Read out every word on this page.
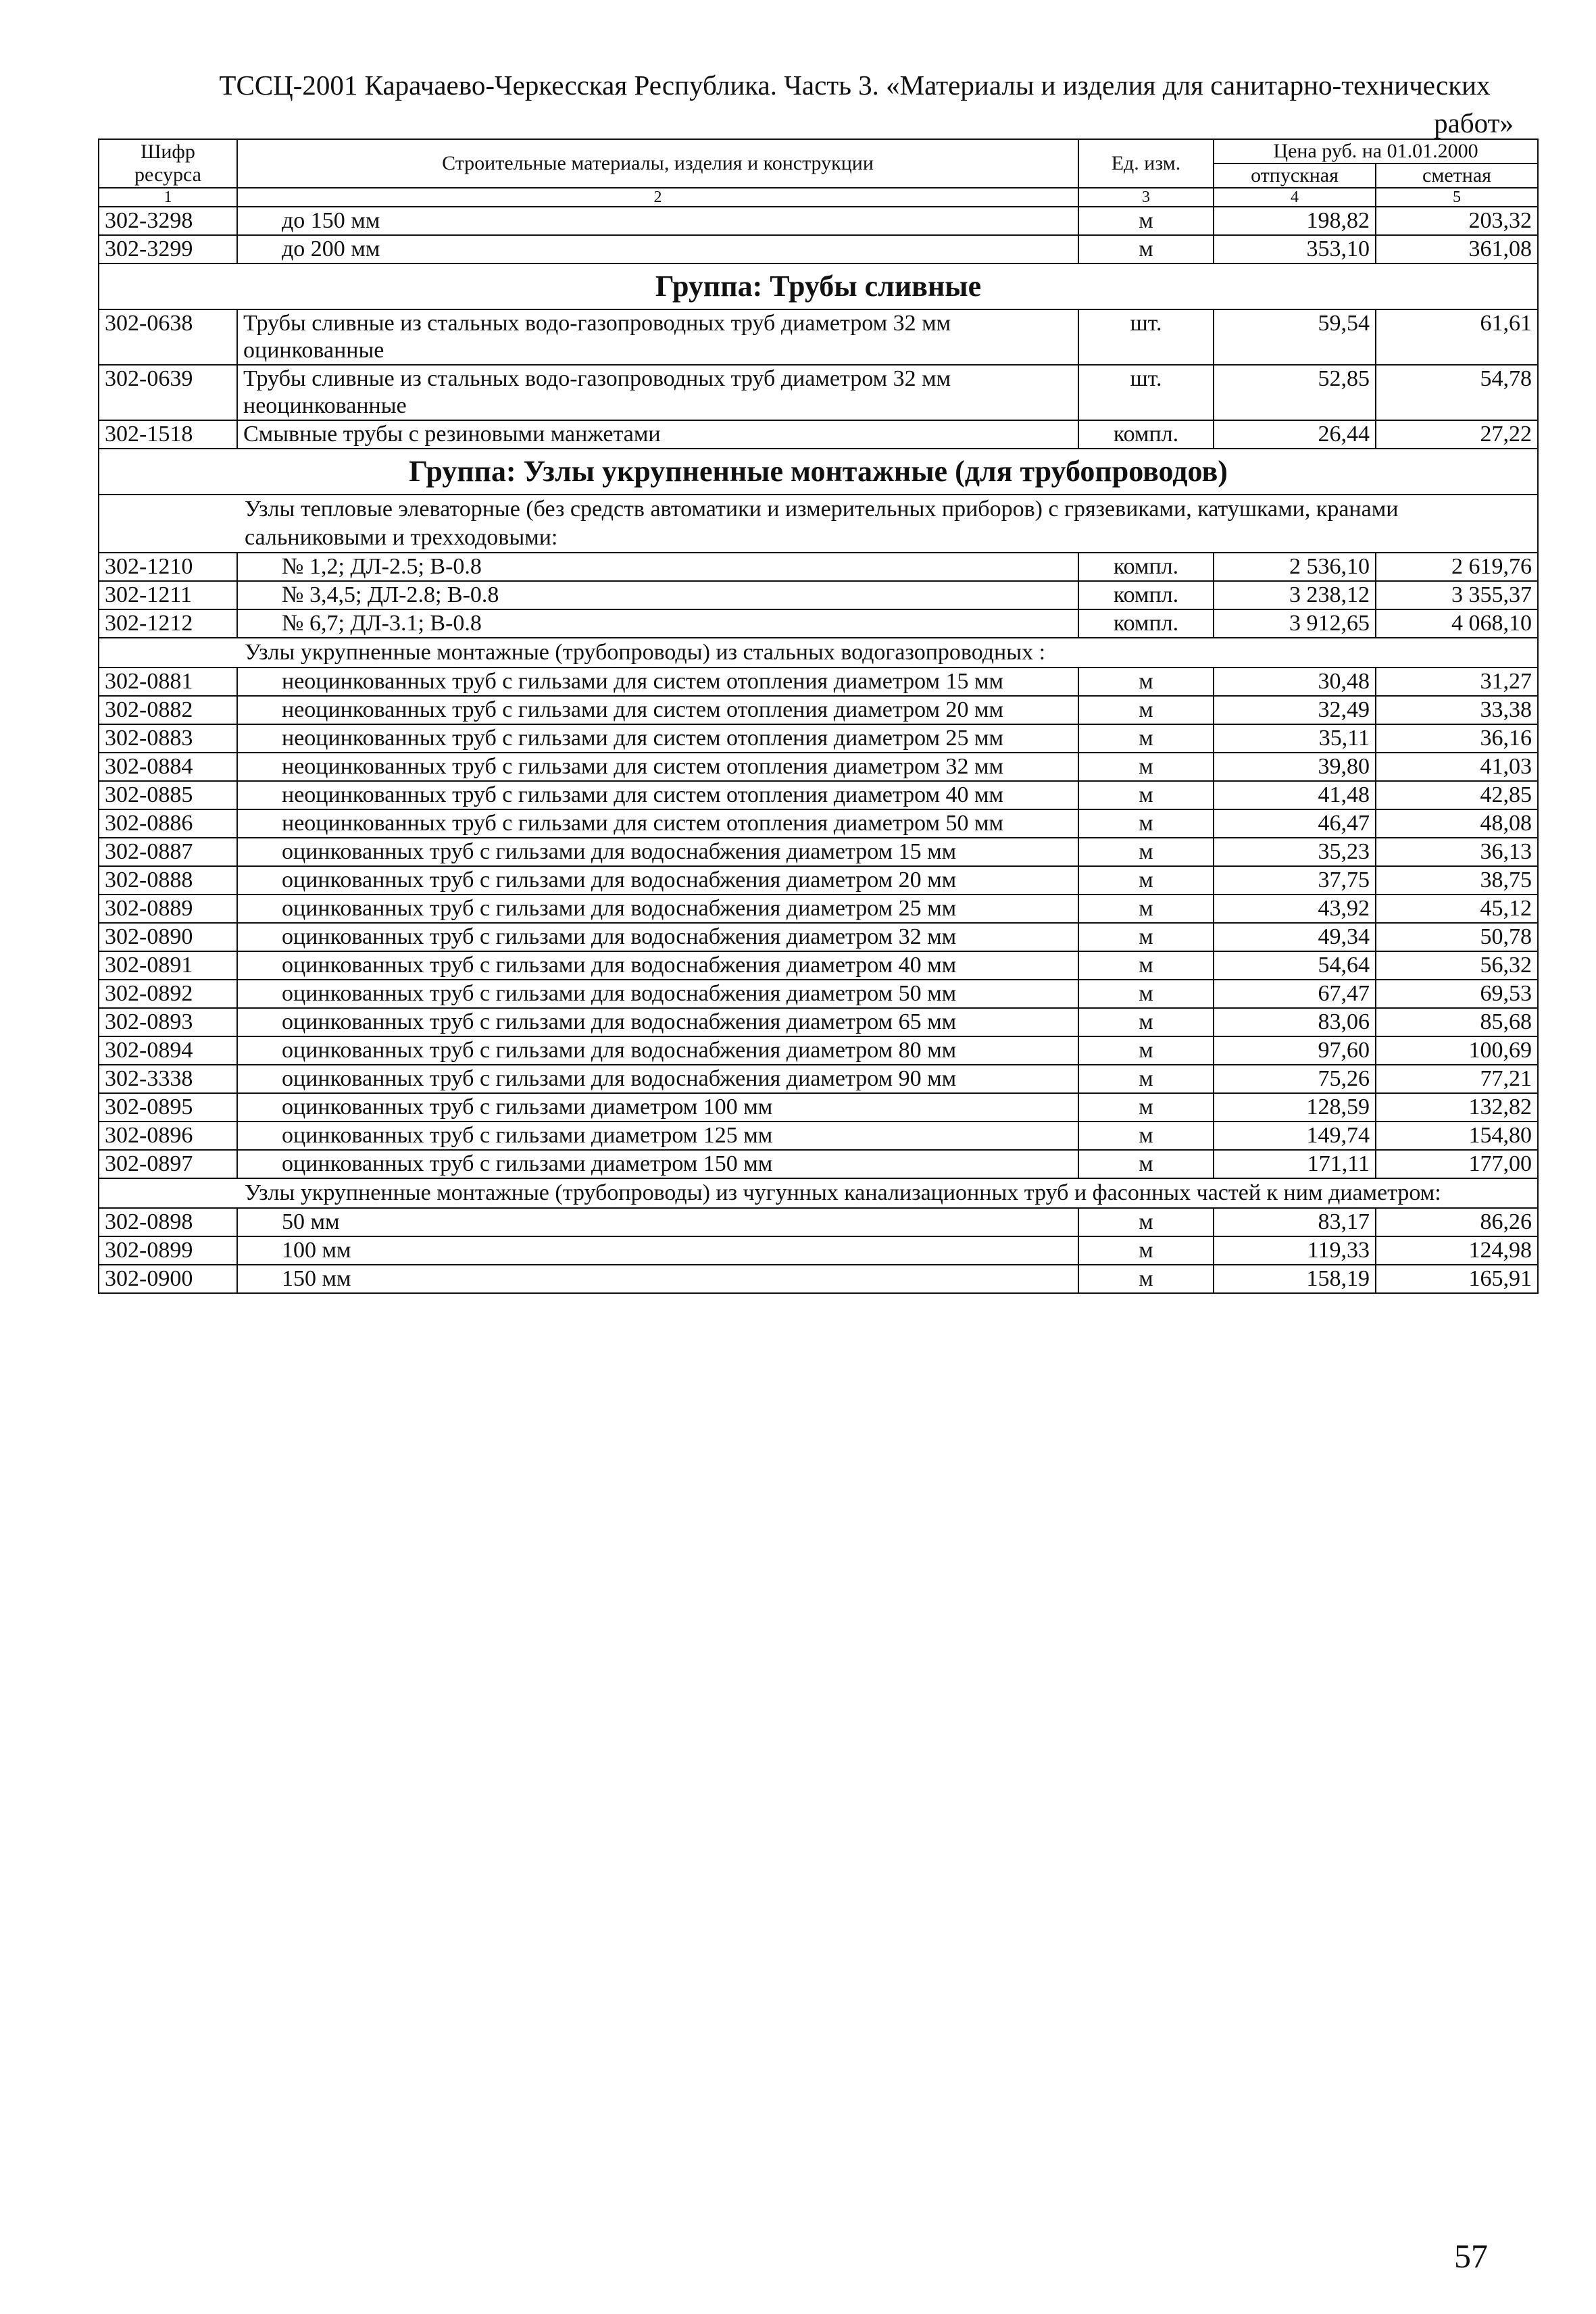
ТССЦ-2001 Карачаево-Черкесская Республика. Часть 3. «Материалы и изделия для санитарно-технических
работ»
Шифр ресурса	Строительные материалы, изделия и конструкции	Ед. изм.	Цена руб. на 01.01.2000	
			отпускная	сметная
1	2	3	4	5
302-3298	до 150 мм	м	198,82	203,32
302-3299	до 200 мм	м	353,10	361,08
Группа: Трубы сливные				
302-0638	Трубы сливные из стальных водо-газопроводных труб диаметром 32 мм оцинкованные	шт.	59,54	61,61
302-0639	Трубы сливные из стальных водо-газопроводных труб диаметром 32 мм неоцинкованные	шт.	52,85	54,78
302-1518	Смывные трубы с резиновыми манжетами	компл.	26,44	27,22
Группа: Узлы укрупненные монтажные (для трубопроводов)				
Узлы тепловые элеваторные (без средств автоматики и измерительных приборов) с грязевиками, катушками, кранами сальниковыми и трехходовыми:				
302-1210	№ 1,2; ДЛ-2.5; В-0.8	компл.	2 536,10	2 619,76
302-1211	№ 3,4,5; ДЛ-2.8; В-0.8	компл.	3 238,12	3 355,37
302-1212	№ 6,7; ДЛ-3.1; В-0.8	компл.	3 912,65	4 068,10
Узлы укрупненные монтажные (трубопроводы) из стальных водогазопроводных :				
302-0881	неоцинкованных труб с гильзами для систем отопления диаметром 15 мм	м	30,48	31,27
302-0882	неоцинкованных труб с гильзами для систем отопления диаметром 20 мм	м	32,49	33,38
302-0883	неоцинкованных труб с гильзами для систем отопления диаметром 25 мм	м	35,11	36,16
302-0884	неоцинкованных труб с гильзами для систем отопления диаметром 32 мм	м	39,80	41,03
302-0885	неоцинкованных труб с гильзами для систем отопления диаметром 40 мм	м	41,48	42,85
302-0886	неоцинкованных труб с гильзами для систем отопления диаметром 50 мм	м	46,47	48,08
302-0887	оцинкованных труб с гильзами для водоснабжения диаметром 15 мм	м	35,23	36,13
302-0888	оцинкованных труб с гильзами для водоснабжения диаметром 20 мм	м	37,75	38,75
302-0889	оцинкованных труб с гильзами для водоснабжения диаметром 25 мм	м	43,92	45,12
302-0890	оцинкованных труб с гильзами для водоснабжения диаметром 32 мм	м	49,34	50,78
302-0891	оцинкованных труб с гильзами для водоснабжения диаметром 40 мм	м	54,64	56,32
302-0892	оцинкованных труб с гильзами для водоснабжения диаметром 50 мм	м	67,47	69,53
302-0893	оцинкованных труб с гильзами для водоснабжения диаметром 65 мм	м	83,06	85,68
302-0894	оцинкованных труб с гильзами для водоснабжения диаметром 80 мм	м	97,60	100,69
302-3338	оцинкованных труб с гильзами для водоснабжения диаметром 90 мм	м	75,26	77,21
302-0895	оцинкованных труб с гильзами диаметром 100 мм	м	128,59	132,82
302-0896	оцинкованных труб с гильзами диаметром 125 мм	м	149,74	154,80
302-0897	оцинкованных труб с гильзами диаметром 150 мм	м	171,11	177,00
Узлы укрупненные монтажные (трубопроводы) из чугунных канализационных труб и фасонных частей к ним диаметром:				
302-0898	50 мм	м	83,17	86,26
302-0899	100 мм	м	119,33	124,98
302-0900	150 мм	м	158,19	165,91
57
